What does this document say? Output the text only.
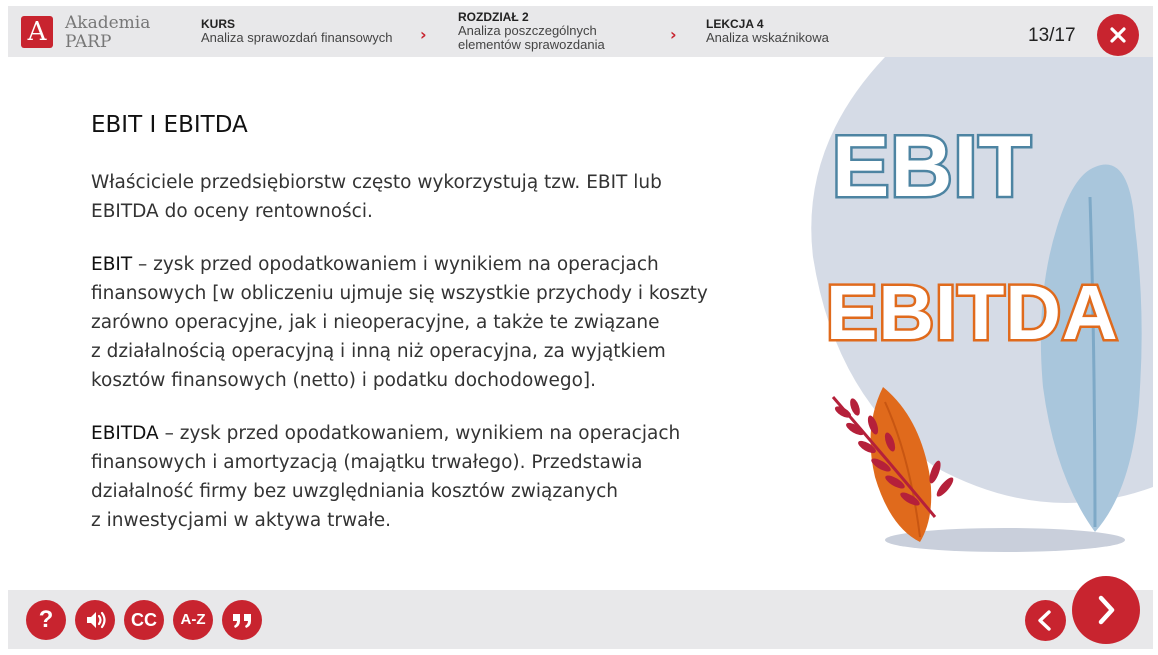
A	Akademia
PARP
KURS
Analiza sprawozdań finansowych ›
ROZDZIAŁ 2
Analiza poszczególnych
elementów sprawozdania
›
LEKCJA 4
Analiza wskaźnikowa	13/17
EBIT
EBITDA
EBIT I EBITDA
Właściciele przedsiębiorstw często wykorzystują tzw. EBIT lub
EBITDA do oceny rentowności.
EBIT – zysk przed opodatkowaniem i wynikiem na operacjach
finansowych [w obliczeniu ujmuje się wszystkie przychody i koszty
zarówno operacyjne, jak i nieoperacyjne, a także te związane
z działalnością operacyjną i inną niż operacyjna, za wyjątkiem
kosztów finansowych (netto) i podatku dochodowego].
EBITDA – zysk przed opodatkowaniem, wynikiem na operacjach
finansowych i amortyzacją (majątku trwałego). Przedstawia
działalność firmy bez uwzględniania kosztów związanych
z inwestycjami w aktywa trwałe.
?	CC	A-Z
